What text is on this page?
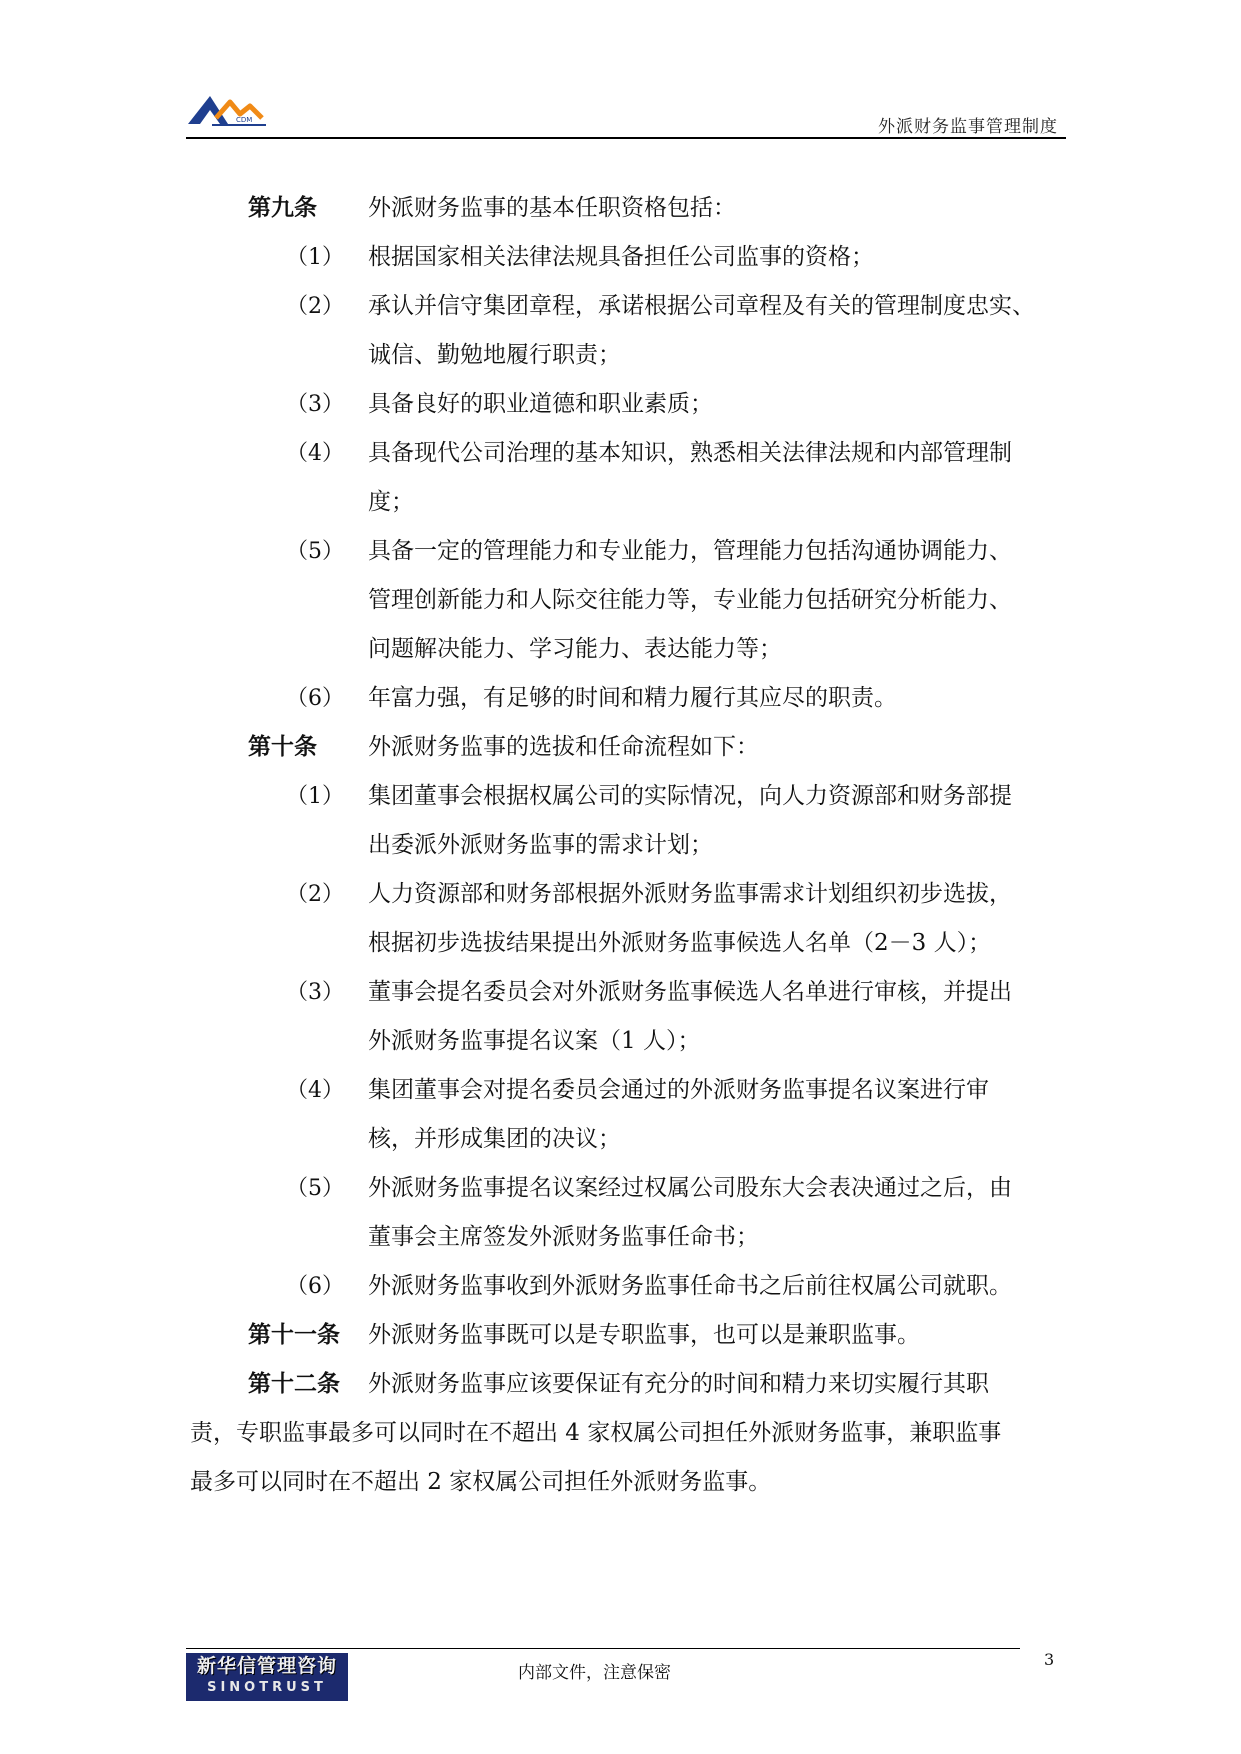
CDM	外派财务监事管理制度
第九条 外派财务监事的基本任职资格包括：
（1） 根据国家相关法律法规具备担任公司监事的资格；
（2） 承认并信守集团章程，承诺根据公司章程及有关的管理制度忠实、
诚信、勤勉地履行职责；
（3） 具备良好的职业道德和职业素质；
（4） 具备现代公司治理的基本知识，熟悉相关法律法规和内部管理制
度；
（5） 具备一定的管理能力和专业能力，管理能力包括沟通协调能力、
管理创新能力和人际交往能力等，专业能力包括研究分析能力、
问题解决能力、学习能力、表达能力等；
（6） 年富力强，有足够的时间和精力履行其应尽的职责。
第十条 外派财务监事的选拔和任命流程如下：
（1） 集团董事会根据权属公司的实际情况，向人力资源部和财务部提
出委派外派财务监事的需求计划；
（2） 人力资源部和财务部根据外派财务监事需求计划组织初步选拔，
根据初步选拔结果提出外派财务监事候选人名单（2－3 人）；
（3） 董事会提名委员会对外派财务监事候选人名单进行审核，并提出
外派财务监事提名议案（1 人）；
（4） 集团董事会对提名委员会通过的外派财务监事提名议案进行审
核，并形成集团的决议；
（5） 外派财务监事提名议案经过权属公司股东大会表决通过之后，由
董事会主席签发外派财务监事任命书；
（6） 外派财务监事收到外派财务监事任命书之后前往权属公司就职。
第十一条 外派财务监事既可以是专职监事，也可以是兼职监事。
第十二条 外派财务监事应该要保证有充分的时间和精力来切实履行其职
责，专职监事最多可以同时在不超出 4 家权属公司担任外派财务监事，兼职监事
最多可以同时在不超出 2 家权属公司担任外派财务监事。
新华信管理咨询
SINOTRUST
内部文件，注意保密
3
